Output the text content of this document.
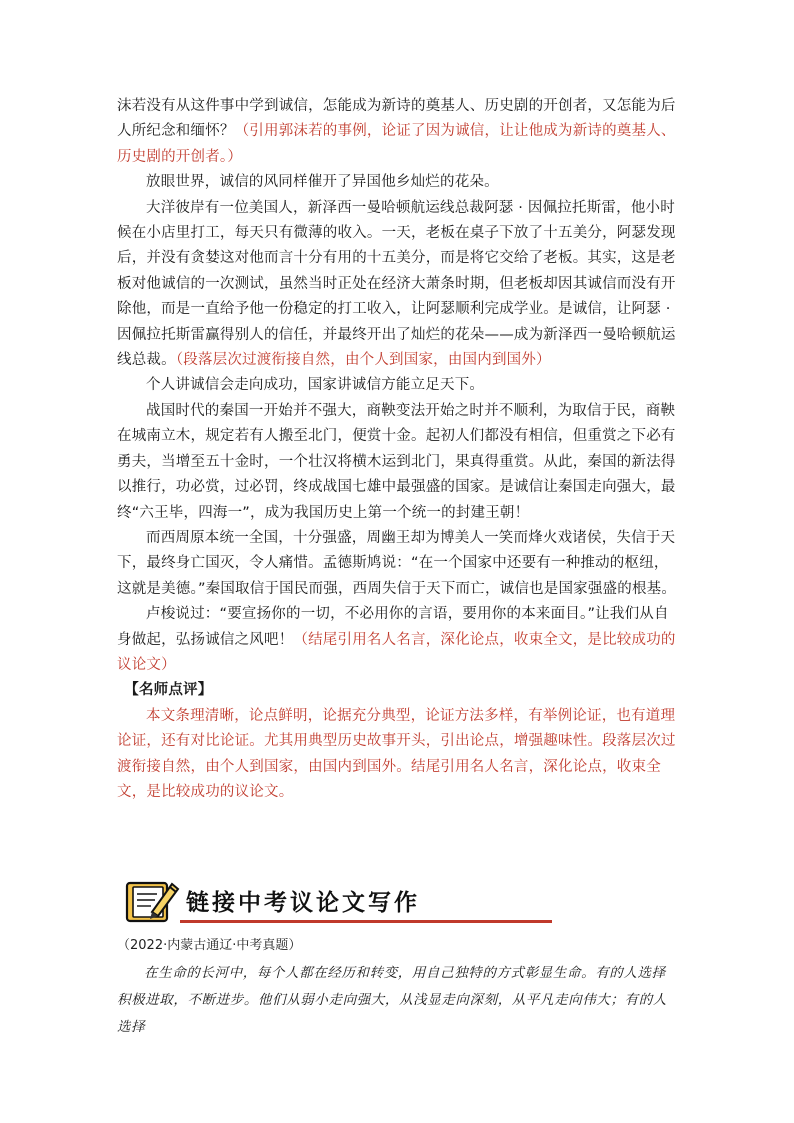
沫若没有从这件事中学到诚信，怎能成为新诗的奠基人、历史剧的开创者，又怎能为后人所纪念和缅怀？（引用郭沫若的事例，论证了因为诚信，让让他成为新诗的奠基人、历史剧的开创者。）

放眼世界，诚信的风同样催开了异国他乡灿烂的花朵。

大洋彼岸有一位美国人，新泽西一曼哈顿航运线总裁阿瑟 · 因佩拉托斯雷，他小时候在小店里打工，每天只有微薄的收入。一天，老板在桌子下放了十五美分，阿瑟发现后，并没有贪婪这对他而言十分有用的十五美分，而是将它交给了老板。其实，这是老板对他诚信的一次测试，虽然当时正处在经济大萧条时期，但老板却因其诚信而没有开除他，而是一直给予他一份稳定的打工收入，让阿瑟顺利完成学业。是诚信，让阿瑟 · 因佩拉托斯雷赢得别人的信任，并最终开出了灿烂的花朵——成为新泽西一曼哈顿航运线总裁。（段落层次过渡衔接自然，由个人到国家，由国内到国外）

个人讲诚信会走向成功，国家讲诚信方能立足天下。

战国时代的秦国一开始并不强大，商鞅变法开始之时并不顺利，为取信于民，商鞅在城南立木，规定若有人搬至北门，便赏十金。起初人们都没有相信，但重赏之下必有勇夫，当增至五十金时，一个壮汉将横木运到北门，果真得重赏。从此，秦国的新法得以推行，功必赏，过必罚，终成战国七雄中最强盛的国家。是诚信让秦国走向强大，最终“六王毕，四海一”，成为我国历史上第一个统一的封建王朝！

而西周原本统一全国，十分强盛，周幽王却为博美人一笑而烽火戏诸侯，失信于天下，最终身亡国灭，令人痛惜。孟德斯鸠说：“在一个国家中还要有一种推动的枢纽，这就是美德。”秦国取信于国民而强，西周失信于天下而亡，诚信也是国家强盛的根基。

卢梭说过：“要宣扬你的一切，不必用你的言语，要用你的本来面目。”让我们从自身做起，弘扬诚信之风吧！（结尾引用名人名言，深化论点，收束全文，是比较成功的议论文）

【名师点评】

本文条理清晰，论点鲜明，论据充分典型，论证方法多样，有举例论证，也有道理论证，还有对比论证。尤其用典型历史故事开头，引出论点，增强趣味性。段落层次过渡衔接自然，由个人到国家，由国内到国外。结尾引用名人名言，深化论点，收束全文，是比较成功的议论文。

链接中考议论文写作
（2022·内蒙古通辽·中考真题）

在生命的长河中，每个人都在经历和转变，用自己独特的方式彰显生命。有的人选择积极进取，不断进步。他们从弱小走向强大，从浅显走向深刻，从平凡走向伟大；有的人选择
